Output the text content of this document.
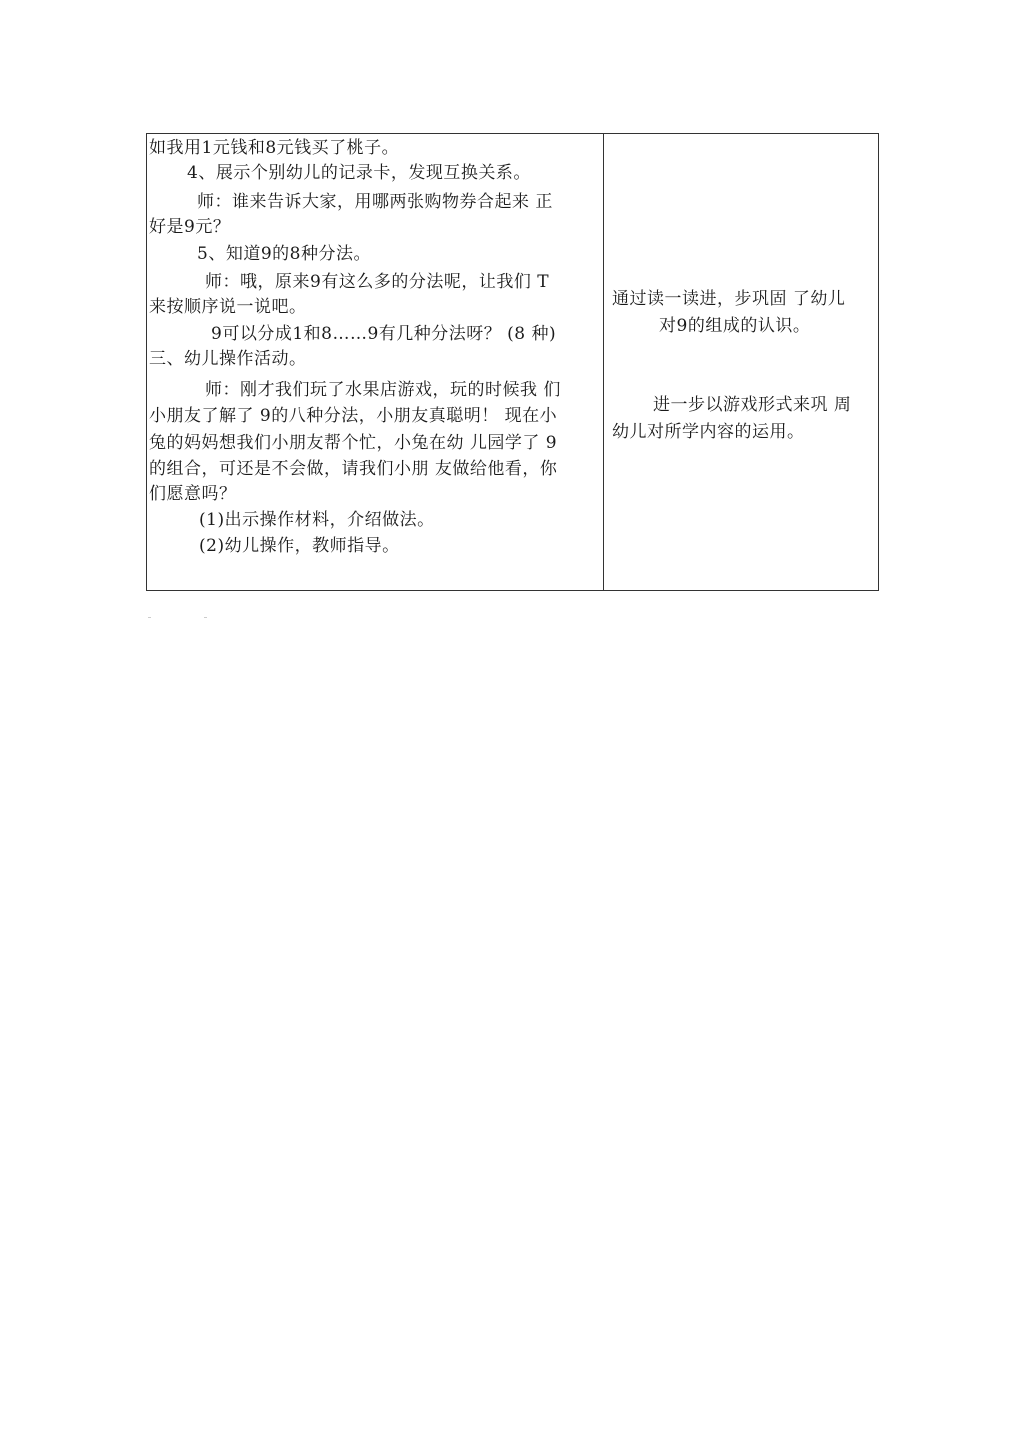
如我用1元钱和8元钱买了桃子。
4、展示个别幼儿的记录卡，发现互换关系。
师：谁来告诉大家，用哪两张购物券合起来 正
好是9元？
5、知道9的8种分法。
师：哦，原来9有这么多的分法呢，让我们 T
来按顺序说一说吧。
9可以分成1和8……9有几种分法呀？ (8 种)
三、幼儿操作活动。
师：刚才我们玩了水果店游戏，玩的时候我 们
小朋友了解了 9的八种分法，小朋友真聪明！ 现在小
兔的妈妈想我们小朋友帮个忙，小兔在幼 儿园学了 9
的组合，可还是不会做，请我们小朋 友做给他看，你
们愿意吗？
(1)出示操作材料，介绍做法。
(2)幼儿操作，教师指导。
通过读一读进，步巩固 了幼儿
对9的组成的认识。
进一步以游戏形式来巩 周
幼儿对所学内容的运用。
